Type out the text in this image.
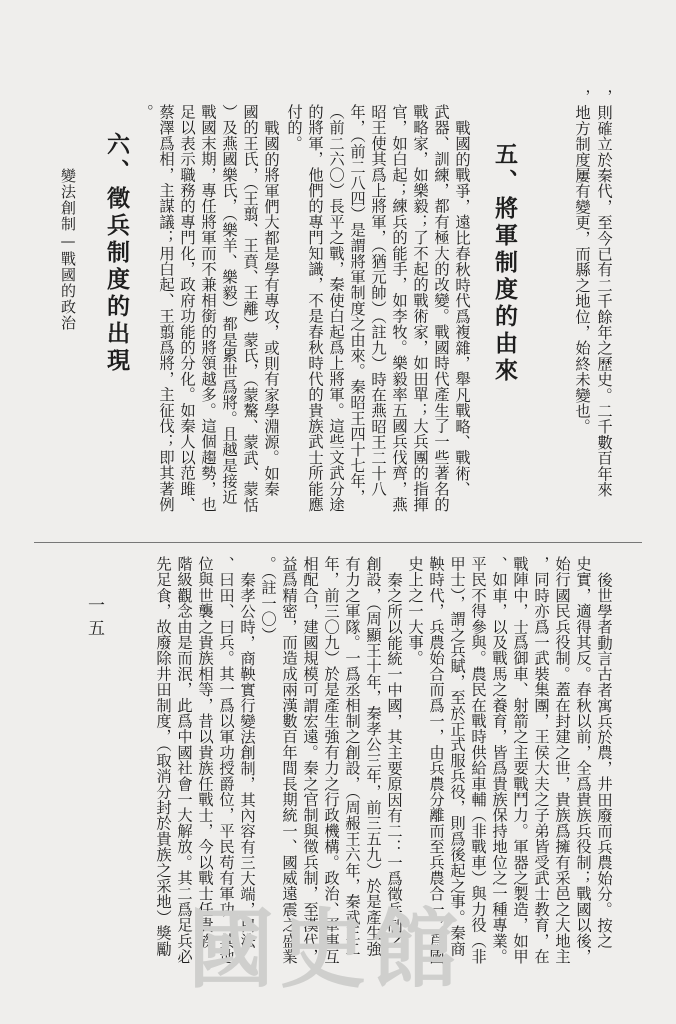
，則確立於秦代，至今已有二千餘年之歷史。二千數百年來
，地方制度屢有變更，而縣之地位，始終未變也。
五、將軍制度的由來
戰國的戰爭，遠比春秋時代爲複雜，舉凡戰略、戰術、
武器、訓練，都有極大的改變。戰國時代產生了一些著名的
戰略家，如樂毅；了不起的戰術家，如田單；大兵團的指揮
官，如白起；練兵的能手，如李牧。樂毅率五國兵伐齊，燕
昭王使其爲上將軍，（猶元帥）（註九）時在燕昭王二十八
年，（前二八四）是謂將軍制度之由來。秦昭王四十七年，
（前二六〇）長平之戰，秦使白起爲上將軍。這些文武分途
的將軍，他們的專門知識，不是春秋時代的貴族武士所能應
付的。
戰國的將軍們大都是學有專攻，或則有家學淵源。如秦
國的王氏，（王翦、王賁、王離）蒙氏，（蒙驁、蒙武、蒙恬
）及燕國樂氏，（樂羊、樂毅）都是累世爲將。且越是接近
戰國末期，專任將軍而不兼相銜的將領越多。這個趨勢，也
足以表示職務的專門化，政府功能的分化。如秦人以范雎、
蔡澤爲相，主謀議；用白起、王翦爲將，主征伐；即其著例
。
六、徵兵制度的出現
變法創制—戰國的政治
後世學者動言古者寓兵於農，井田廢而兵農始分。按之
史實，適得其反。春秋以前，全爲貴族兵役制；戰國以後，
始行國民兵役制。蓋在封建之世，貴族爲擁有采邑之大地主
，同時亦爲一武裝集團，王侯大夫之子弟皆受武士教育，在
戰陣中，士爲御車、射箭之主要戰鬥力。軍器之製造，如甲
、如車，以及戰馬之養育，皆爲貴族保持地位之一種專業。
平民不得參與。農民在戰時供給車輔（非戰車）與力役（非
甲士），謂之兵賦，至於正式服兵役，則爲後起之事。秦商
鞅時代，兵農始合而爲一，由兵農分離而至兵農合一，爲國
史上之一大事。
秦之所以能統一中國，其主要原因有二：一爲徵兵制之
創設，（周顯王十年，秦孝公三年，前三五九）於是產生強
有力之軍隊。一爲丞相制之創設，（周赧王六年，秦武王二
年，前三〇九）於是產生強有力之行政機構。政治、軍事互
相配合，建國規模可謂宏遠。秦之官制與徵兵制，至漢代，
益爲精密，而造成兩漢數百年間長期統一、國威遠震之盛業
。（註一〇）
秦孝公時，商鞅實行變法創制，其內容有三大端，曰法
、曰田、曰兵。其一爲以軍功授爵位，平民苟有軍功，其地
位與世襲之貴族相等，昔以貴族任戰士，今以戰士任貴族，
階級觀念由是而泯，此爲中國社會一大解放。其二爲足兵必
先足食，故廢除井田制度，（取消分封於貴族之采地）獎勵
一五
國史館
